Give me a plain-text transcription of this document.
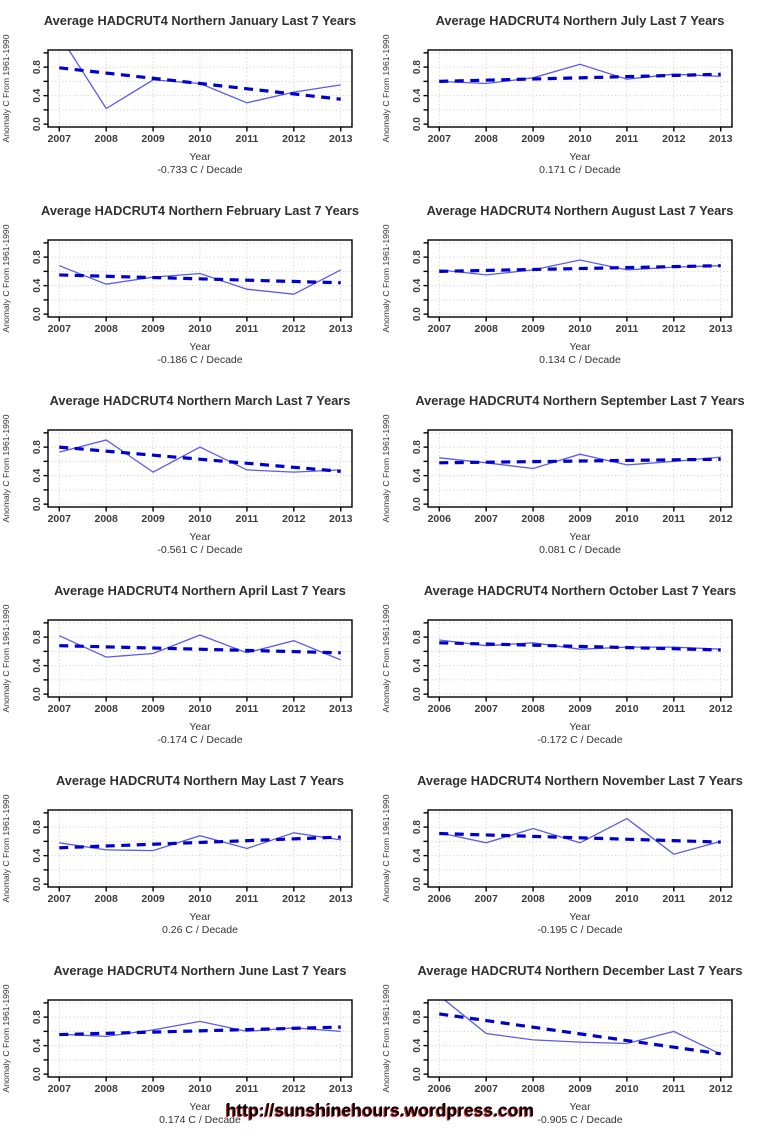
http://sunshinehours.wordpress.com
Average HADCRUT4 Northern January Last 7 Years
Anomaly C From 1961-1990 0.0
0.4
0.8
2007 2008 2009 2010 2011 2012 2013
Year
-0.733 C / Decade
Average HADCRUT4 Northern July Last 7 Years
Anomaly C From 1961-1990 0.0
0.4
0.8
2007 2008 2009 2010 2011 2012 2013
Year
0.171 C / Decade
Average HADCRUT4 Northern February Last 7 Years
Anomaly C From 1961-1990 0.0
0.4
0.8
2007 2008 2009 2010 2011 2012 2013
Year
-0.186 C / Decade
Average HADCRUT4 Northern August Last 7 Years
Anomaly C From 1961-1990 0.0
0.4
0.8
2007 2008 2009 2010 2011 2012 2013
Year
0.134 C / Decade
Average HADCRUT4 Northern March Last 7 Years
Anomaly C From 1961-1990 0.0
0.4
0.8
2007 2008 2009 2010 2011 2012 2013
Year
-0.561 C / Decade
Average HADCRUT4 Northern September Last 7 Years
Anomaly C From 1961-1990 0.0
0.4
0.8
2006 2007 2008 2009 2010 2011 2012
Year
0.081 C / Decade
Average HADCRUT4 Northern April Last 7 Years
Anomaly C From 1961-1990 0.0
0.4
0.8
2007 2008 2009 2010 2011 2012 2013
Year
-0.174 C / Decade
Average HADCRUT4 Northern October Last 7 Years
Anomaly C From 1961-1990 0.0
0.4
0.8
2006 2007 2008 2009 2010 2011 2012
Year
-0.172 C / Decade
Average HADCRUT4 Northern May Last 7 Years
Anomaly C From 1961-1990 0.0
0.4
0.8
2007 2008 2009 2010 2011 2012 2013
Year
0.26 C / Decade
Average HADCRUT4 Northern November Last 7 Years
Anomaly C From 1961-1990 0.0
0.4
0.8
2006 2007 2008 2009 2010 2011 2012
Year
-0.195 C / Decade
Average HADCRUT4 Northern June Last 7 Years
Anomaly C From 1961-1990 0.0
0.4
0.8
2007 2008 2009 2010 2011 2012 2013
Year
0.174 C / Decade
Average HADCRUT4 Northern December Last 7 Years
Anomaly C From 1961-1990 0.0
0.4
0.8
2006 2007 2008 2009 2010 2011 2012
Year
-0.905 C / Decade
